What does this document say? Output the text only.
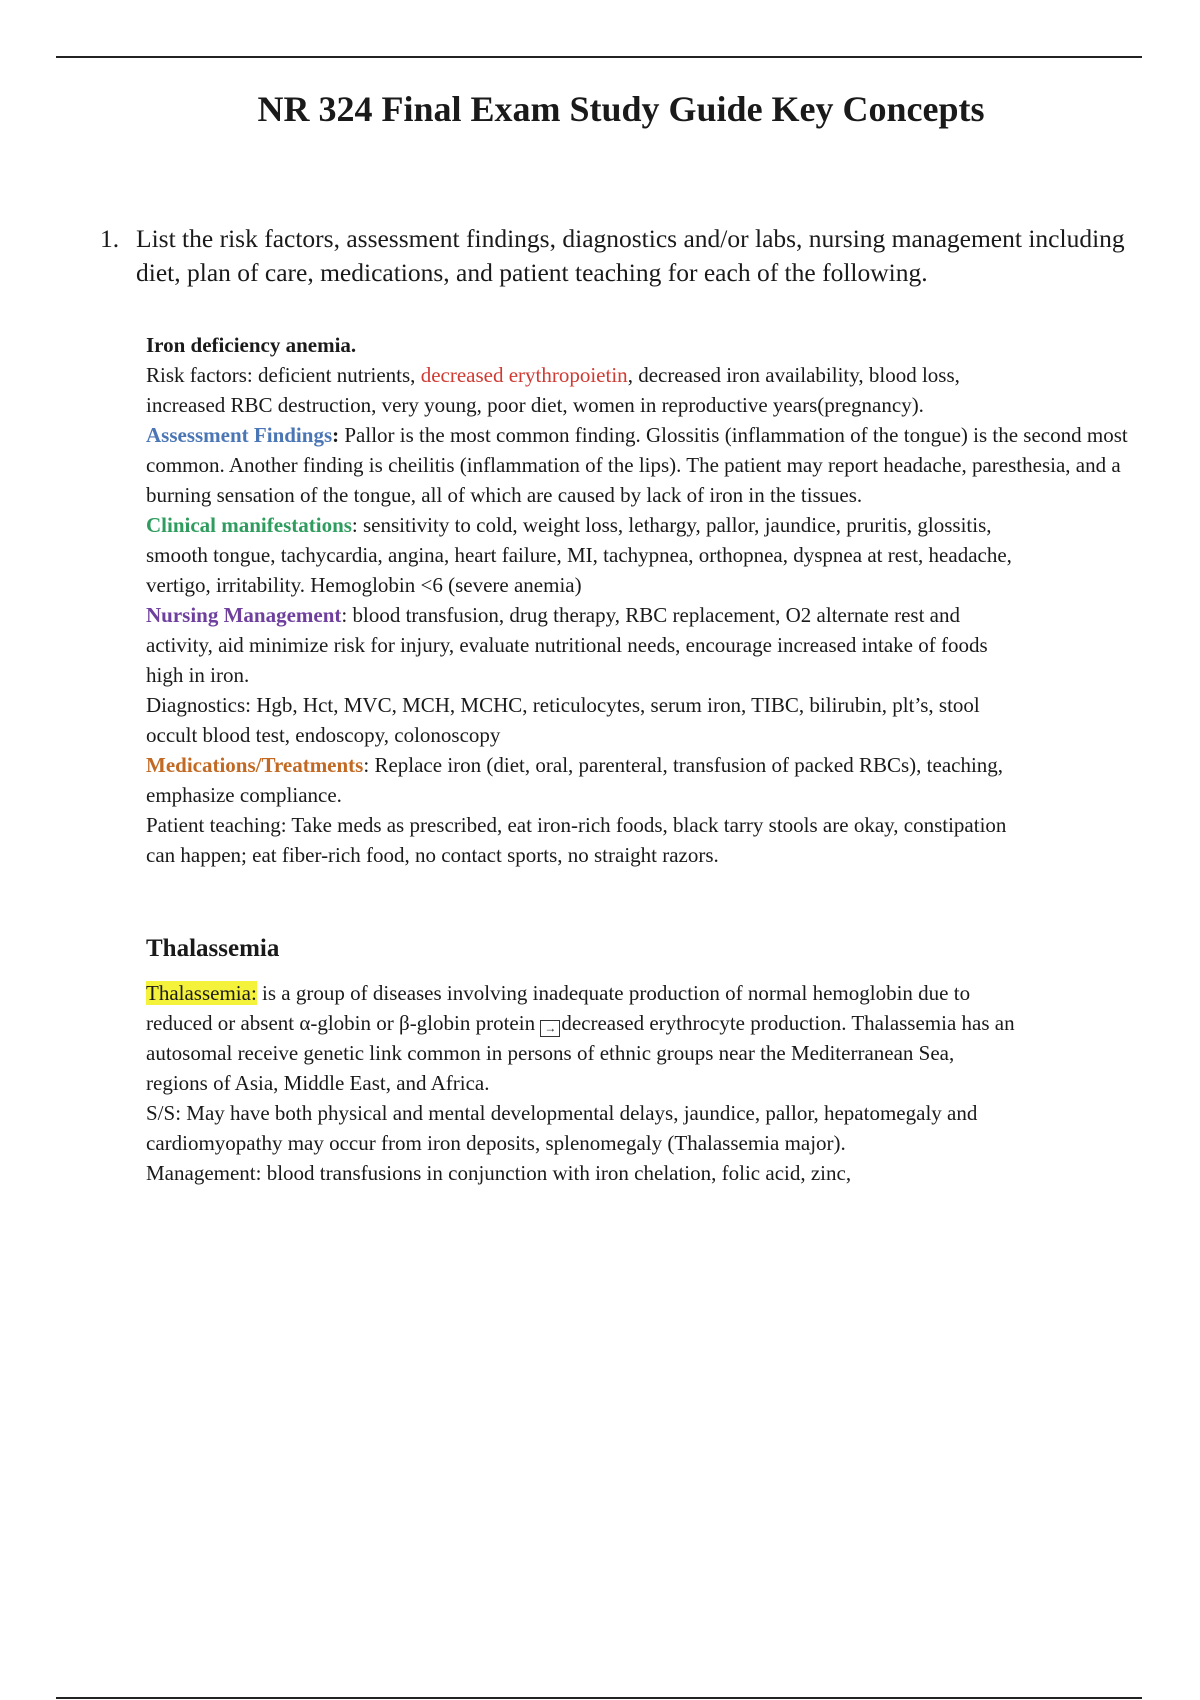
NR 324 Final Exam Study Guide Key Concepts
1. List the risk factors, assessment findings, diagnostics and/or labs, nursing management including diet, plan of care, medications, and patient teaching for each of the following.

Iron deficiency anemia.

Risk factors: deficient nutrients, decreased erythropoietin, decreased iron availability, blood loss, increased RBC destruction, very young, poor diet, women in reproductive years(pregnancy).

Assessment Findings: Pallor is the most common finding. Glossitis (inflammation of the tongue) is the second most common. Another finding is cheilitis (inflammation of the lips). The patient may report headache, paresthesia, and a burning sensation of the tongue, all of which are caused by lack of iron in the tissues.

Clinical manifestations: sensitivity to cold, weight loss, lethargy, pallor, jaundice, pruritis, glossitis, smooth tongue, tachycardia, angina, heart failure, MI, tachypnea, orthopnea, dyspnea at rest, headache, vertigo, irritability. Hemoglobin <6 (severe anemia)

Nursing Management: blood transfusion, drug therapy, RBC replacement, O2 alternate rest and activity, aid minimize risk for injury, evaluate nutritional needs, encourage increased intake of foods high in iron.

Diagnostics: Hgb, Hct, MVC, MCH, MCHC, reticulocytes, serum iron, TIBC, bilirubin, plt’s, stool occult blood test, endoscopy, colonoscopy

Medications/Treatments: Replace iron (diet, oral, parenteral, transfusion of packed RBCs), teaching, emphasize compliance.

Patient teaching: Take meds as prescribed, eat iron-rich foods, black tarry stools are okay, constipation can happen; eat fiber-rich food, no contact sports, no straight razors.

Thalassemia

Thalassemia: is a group of diseases involving inadequate production of normal hemoglobin due to reduced or absent α-globin or β-globin protein → decreased erythrocyte production. Thalassemia has an autosomal receive genetic link common in persons of ethnic groups near the Mediterranean Sea, regions of Asia, Middle East, and Africa.

S/S: May have both physical and mental developmental delays, jaundice, pallor, hepatomegaly and cardiomyopathy may occur from iron deposits, splenomegaly (Thalassemia major).

Management: blood transfusions in conjunction with iron chelation, folic acid, zinc,
